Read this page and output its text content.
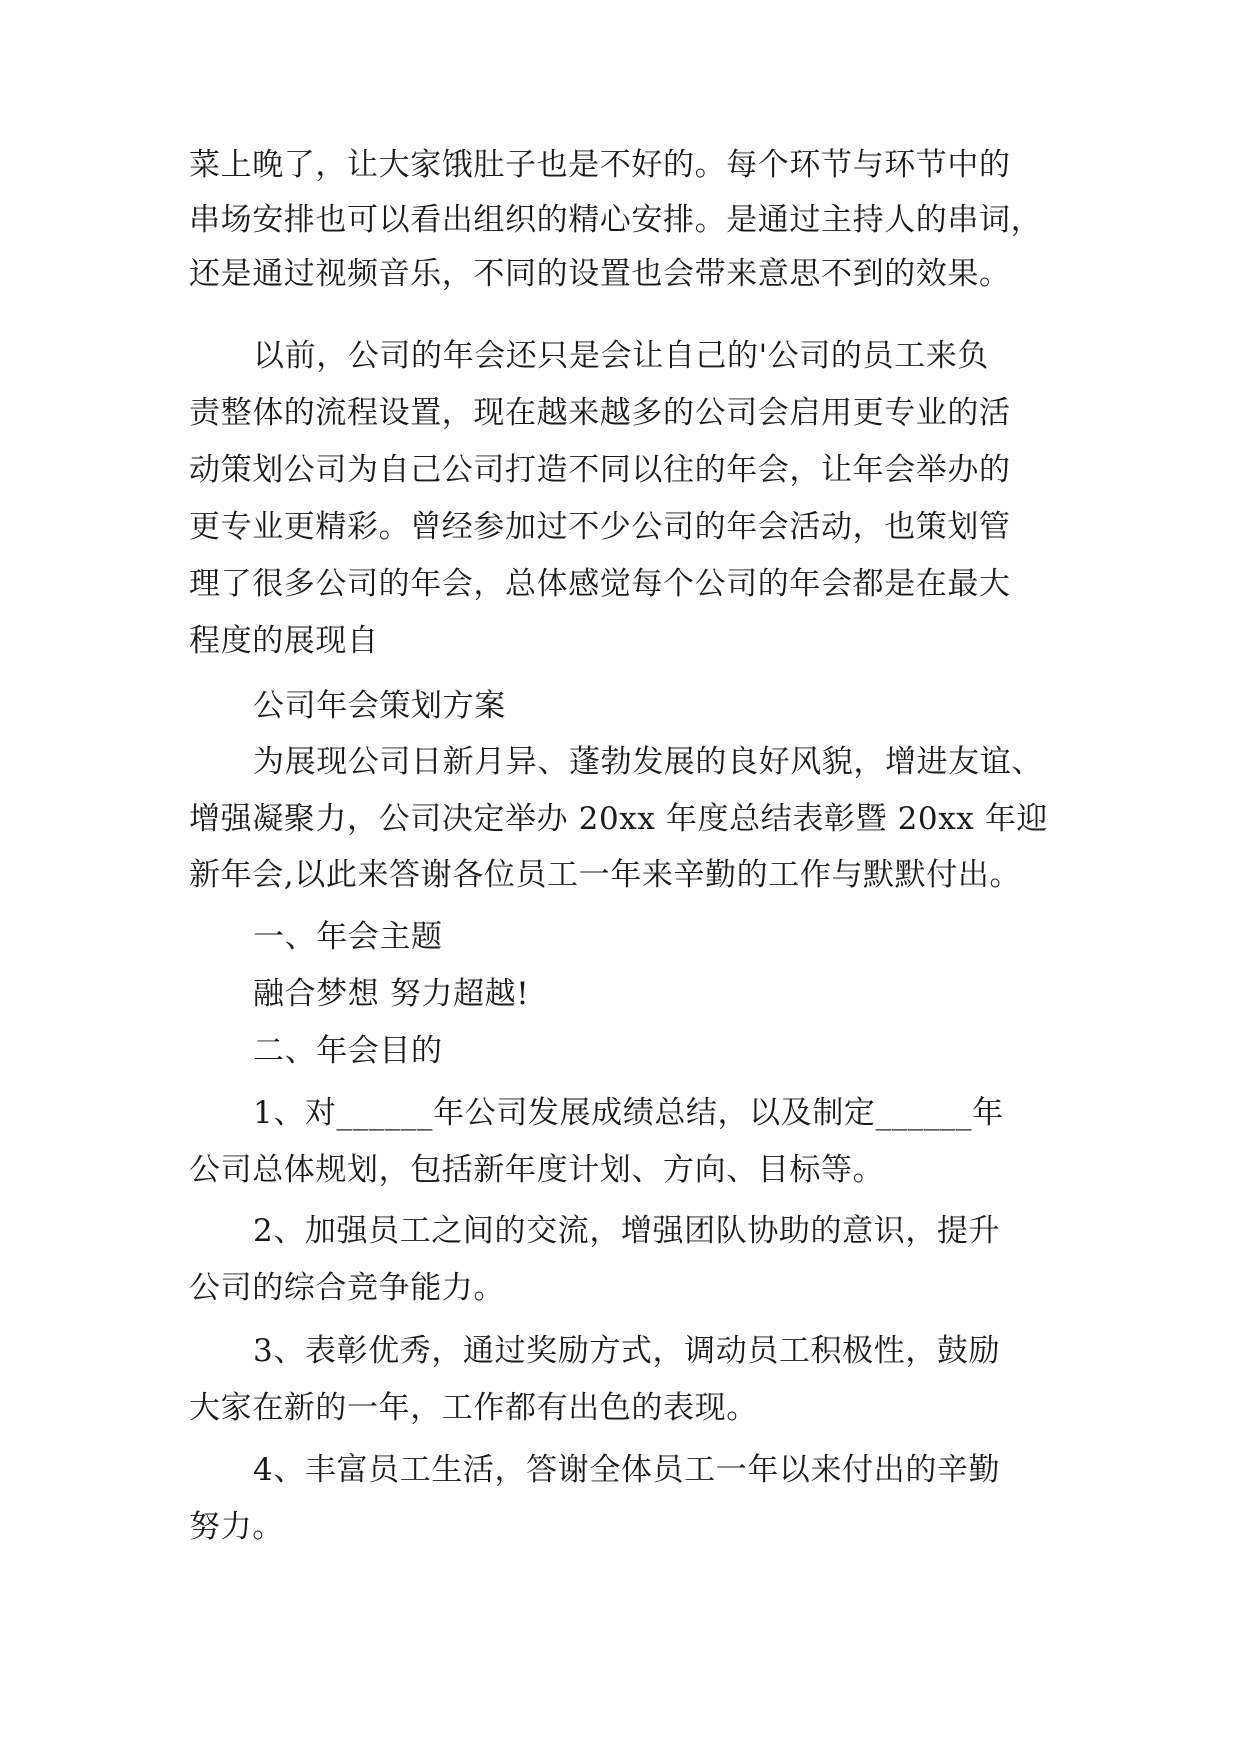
菜上晚了，让大家饿肚子也是不好的。每个环节与环节中的
串场安排也可以看出组织的精心安排。是通过主持人的串词，
还是通过视频音乐，不同的设置也会带来意思不到的效果。
以前，公司的年会还只是会让自己的'公司的员工来负
责整体的流程设置，现在越来越多的公司会启用更专业的活
动策划公司为自己公司打造不同以往的年会，让年会举办的
更专业更精彩。曾经参加过不少公司的年会活动，也策划管
理了很多公司的年会，总体感觉每个公司的年会都是在最大
程度的展现自
公司年会策划方案
为展现公司日新月异、蓬勃发展的良好风貌，增进友谊、
增强凝聚力，公司决定举办 20xx 年度总结表彰暨 20xx 年迎
新年会,以此来答谢各位员工一年来辛勤的工作与默默付出。
一、年会主题
融合梦想 努力超越!
二、年会目的
1、对______年公司发展成绩总结，以及制定______年
公司总体规划，包括新年度计划、方向、目标等。
2、加强员工之间的交流，增强团队协助的意识，提升
公司的综合竞争能力。
3、表彰优秀，通过奖励方式，调动员工积极性，鼓励
大家在新的一年，工作都有出色的表现。
4、丰富员工生活，答谢全体员工一年以来付出的辛勤
努力。
